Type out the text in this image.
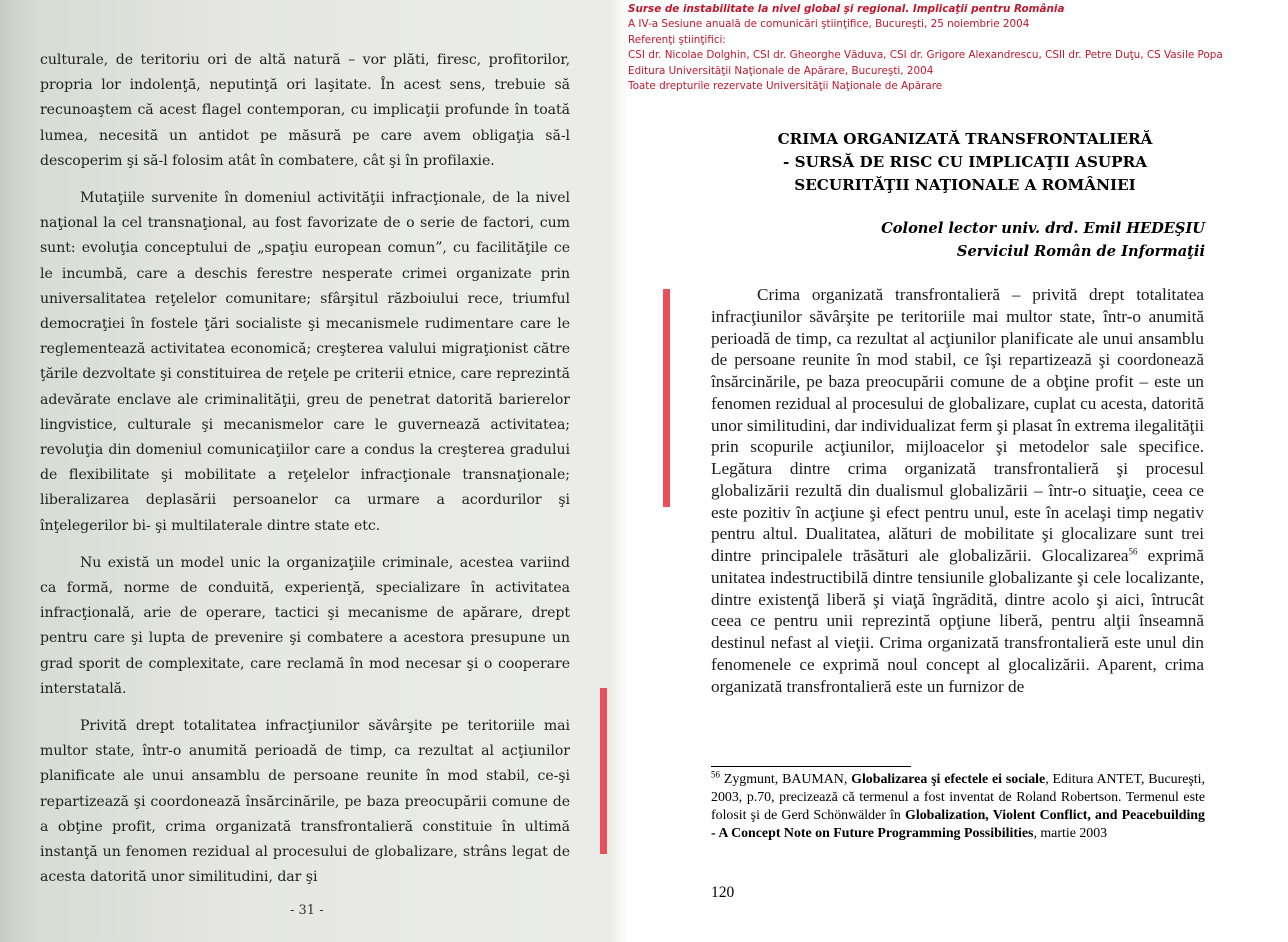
culturale, de teritoriu ori de altă natură – vor plăti, firesc, profitorilor, propria lor indolenţă, neputinţă ori laşitate. În acest sens, trebuie să recunoaştem că acest flagel contemporan, cu implicaţii profunde în toată lumea, necesită un antidot pe măsură pe care avem obligaţia să-l descoperim şi să-l folosim atât în combatere, cât şi în profilaxie.

Mutaţiile survenite în domeniul activităţii infracţionale, de la nivel naţional la cel transnaţional, au fost favorizate de o serie de factori, cum sunt: evoluţia conceptului de „spaţiu european comun”, cu facilităţile ce le incumbă, care a deschis ferestre nesperate crimei organizate prin universalitatea reţelelor comunitare; sfârşitul războiului rece, triumful democraţiei în fostele ţări socialiste şi mecanismele rudimentare care le reglementează activitatea economică; creşterea valului migraţionist către ţările dezvoltate şi constituirea de reţele pe criterii etnice, care reprezintă adevărate enclave ale criminalităţii, greu de penetrat datorită barierelor lingvistice, culturale şi mecanismelor care le guvernează activitatea; revoluţia din domeniul comunicaţiilor care a condus la creşterea gradului de flexibilitate şi mobilitate a reţelelor infracţionale transnaţionale; liberalizarea deplasării persoanelor ca urmare a acordurilor şi înţelegerilor bi- şi multilaterale dintre state etc.

Nu există un model unic la organizaţiile criminale, acestea variind ca formă, norme de conduită, experienţă, specializare în activitatea infracţională, arie de operare, tactici şi mecanisme de apărare, drept pentru care şi lupta de prevenire şi combatere a acestora presupune un grad sporit de complexitate, care reclamă în mod necesar şi o cooperare interstatală.

Privită drept totalitatea infracţiunilor săvârşite pe teritoriile mai multor state, într-o anumită perioadă de timp, ca rezultat al acţiunilor planificate ale unui ansamblu de persoane reunite în mod stabil, ce-şi repartizează şi coordonează însărcinările, pe baza preocupării comune de a obţine profit, crima organizată transfrontalieră constituie în ultimă instanţă un fenomen rezidual al procesului de globalizare, strâns legat de acesta datorită unor similitudini, dar şi

- 31 -
Surse de instabilitate la nivel global şi regional. Implicaţii pentru România
A IV-a Sesiune anuală de comunicări ştiinţifice, Bucureşti, 25 noiembrie 2004
Referenţi ştiinţifici:
CSI dr. Nicolae Dolghin, CSI dr. Gheorghe Văduva, CSI dr. Grigore Alexandrescu, CSII dr. Petre Duţu, CS Vasile Popa
Editura Universităţii Naţionale de Apărare, Bucureşti, 2004
Toate drepturile rezervate Universităţii Naţionale de Apărare
CRIMA ORGANIZATĂ TRANSFRONTALIERĂ
- SURSĂ DE RISC CU IMPLICAŢII ASUPRA
SECURITĂŢII NAŢIONALE A ROMÂNIEI
Colonel lector univ. drd. Emil HEDEŞIU
Serviciul Român de Informaţii

Crima organizată transfrontalieră – privită drept totalitatea infracţiunilor săvârşite pe teritoriile mai multor state, într-o anumită perioadă de timp, ca rezultat al acţiunilor planificate ale unui ansamblu de persoane reunite în mod stabil, ce îşi repartizează şi coordonează însărcinările, pe baza preocupării comune de a obţine profit – este un fenomen rezidual al procesului de globalizare, cuplat cu acesta, datorită unor similitudini, dar individualizat ferm şi plasat în extrema ilegalităţii prin scopurile acţiunilor, mijloacelor şi metodelor sale specifice. Legătura dintre crima organizată transfrontalieră şi procesul globalizării rezultă din dualismul globalizării – într-o situaţie, ceea ce este pozitiv în acţiune şi efect pentru unul, este în acelaşi timp negativ pentru altul. Dualitatea, alături de mobilitate şi glocalizare sunt trei dintre principalele trăsături ale globalizării. Glocalizarea$^{56}$ exprimă unitatea indestructibilă dintre tensiunile globalizante şi cele localizante, dintre existenţă liberă şi viaţă îngrădită, dintre acolo şi aici, întrucât ceea ce pentru unii reprezintă opţiune liberă, pentru alţii înseamnă destinul nefast al vieţii. Crima organizată transfrontalieră este unul din fenomenele ce exprimă noul concept al glocalizării. Aparent, crima organizată transfrontalieră este un furnizor de

$^{56}$ Zygmunt, BAUMAN, Globalizarea şi efectele ei sociale, Editura ANTET, Bucureşti, 2003, p.70, precizează că termenul a fost inventat de Roland Robertson. Termenul este folosit şi de Gerd Schönwälder în Globalization, Violent Conflict, and Peacebuilding - A Concept Note on Future Programming Possibilities, martie 2003

120
